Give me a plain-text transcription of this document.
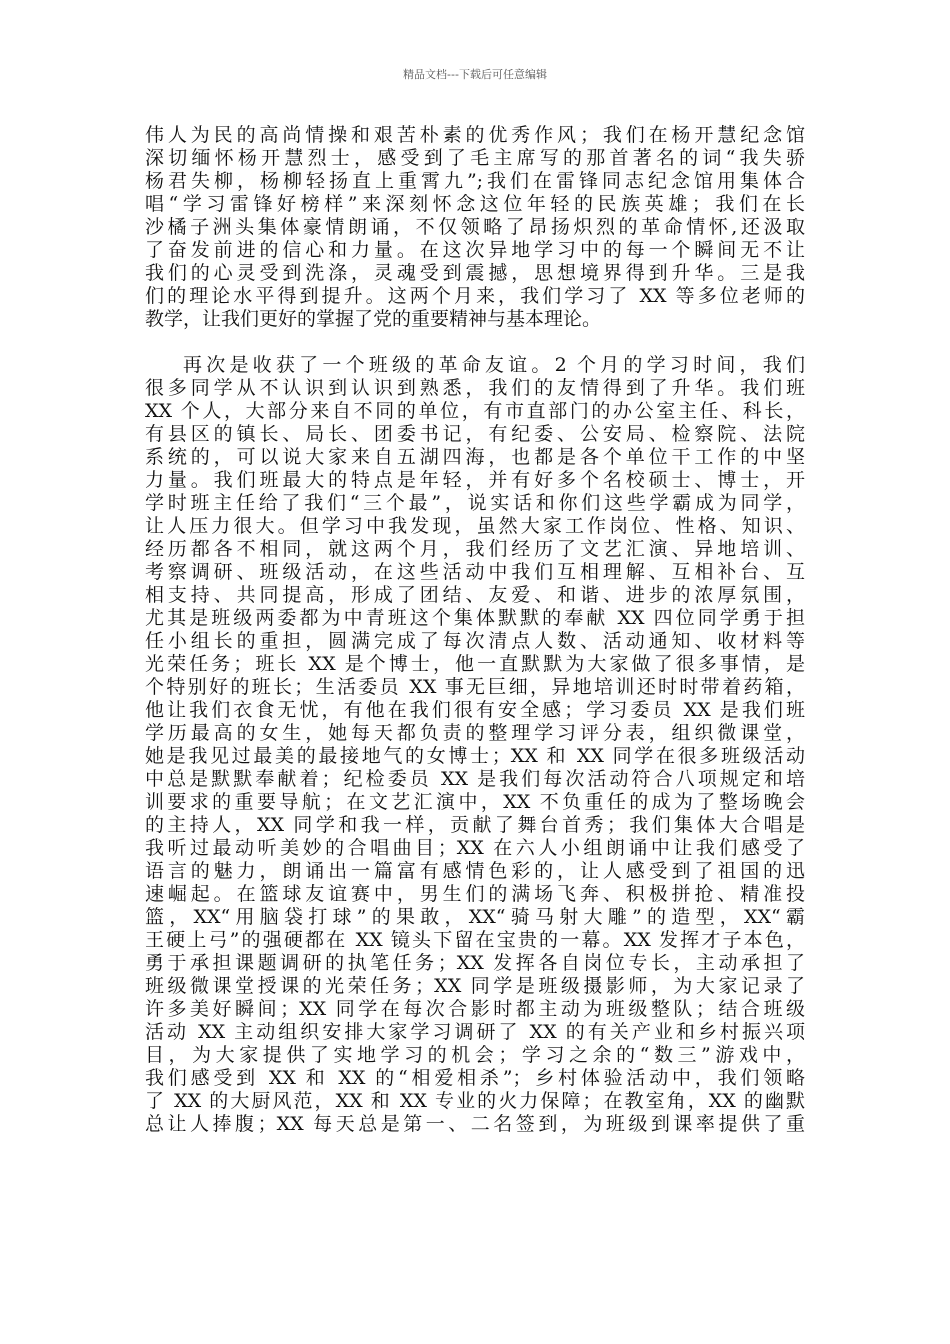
精品文档---下载后可任意编辑
伟人为民的高尚情操和艰苦朴素的优秀作风；我们在杨开慧纪念馆
深切缅怀杨开慧烈士，感受到了毛主席写的那首著名的词“我失骄
杨君失柳，杨柳轻扬直上重霄九”;我们在雷锋同志纪念馆用集体合
唱“学习雷锋好榜样”来深刻怀念这位年轻的民族英雄；我们在长
沙橘子洲头集体豪情朗诵，不仅领略了昂扬炽烈的革命情怀,还汲取
了奋发前进的信心和力量。在这次异地学习中的每一个瞬间无不让
我们的心灵受到洗涤，灵魂受到震撼，思想境界得到升华。三是我
们的理论水平得到提升。这两个月来，我们学习了 XX 等多位老师的
教学，让我们更好的掌握了党的重要精神与基本理论。
再次是收获了一个班级的革命友谊。2 个月的学习时间，我们
很多同学从不认识到认识到熟悉，我们的友情得到了升华。我们班
XX 个人，大部分来自不同的单位，有市直部门的办公室主任、科长，
有县区的镇长、局长、团委书记，有纪委、公安局、检察院、法院
系统的，可以说大家来自五湖四海，也都是各个单位干工作的中坚
力量。我们班最大的特点是年轻，并有好多个名校硕士、博士，开
学时班主任给了我们“三个最”，说实话和你们这些学霸成为同学，
让人压力很大。但学习中我发现，虽然大家工作岗位、性格、知识、
经历都各不相同，就这两个月，我们经历了文艺汇演、异地培训、
考察调研、班级活动，在这些活动中我们互相理解、互相补台、互
相支持、共同提高，形成了团结、友爱、和谐、进步的浓厚氛围，
尤其是班级两委都为中青班这个集体默默的奉献 XX 四位同学勇于担
任小组长的重担，圆满完成了每次清点人数、活动通知、收材料等
光荣任务；班长 XX 是个博士，他一直默默为大家做了很多事情，是
个特别好的班长；生活委员 XX 事无巨细，异地培训还时时带着药箱，
他让我们衣食无忧，有他在我们很有安全感；学习委员 XX 是我们班
学历最高的女生，她每天都负责的整理学习评分表，组织微课堂，
她是我见过最美的最接地气的女博士；XX 和 XX 同学在很多班级活动
中总是默默奉献着；纪检委员 XX 是我们每次活动符合八项规定和培
训要求的重要导航；在文艺汇演中，XX 不负重任的成为了整场晚会
的主持人，XX 同学和我一样，贡献了舞台首秀；我们集体大合唱是
我听过最动听美妙的合唱曲目；XX 在六人小组朗诵中让我们感受了
语言的魅力，朗诵出一篇富有感情色彩的，让人感受到了祖国的迅
速崛起。在篮球友谊赛中，男生们的满场飞奔、积极拼抢、精准投
篮，XX“用脑袋打球”的果敢，XX“骑马射大雕”的造型，XX“霸
王硬上弓”的强硬都在 XX 镜头下留在宝贵的一幕。XX 发挥才子本色，
勇于承担课题调研的执笔任务；XX 发挥各自岗位专长，主动承担了
班级微课堂授课的光荣任务；XX 同学是班级摄影师，为大家记录了
许多美好瞬间；XX 同学在每次合影时都主动为班级整队；结合班级
活动 XX 主动组织安排大家学习调研了 XX 的有关产业和乡村振兴项
目，为大家提供了实地学习的机会；学习之余的“数三”游戏中，
我们感受到 XX 和 XX 的“相爱相杀”；乡村体验活动中，我们领略
了 XX 的大厨风范，XX 和 XX 专业的火力保障；在教室角，XX 的幽默
总让人捧腹；XX 每天总是第一、二名签到，为班级到课率提供了重
